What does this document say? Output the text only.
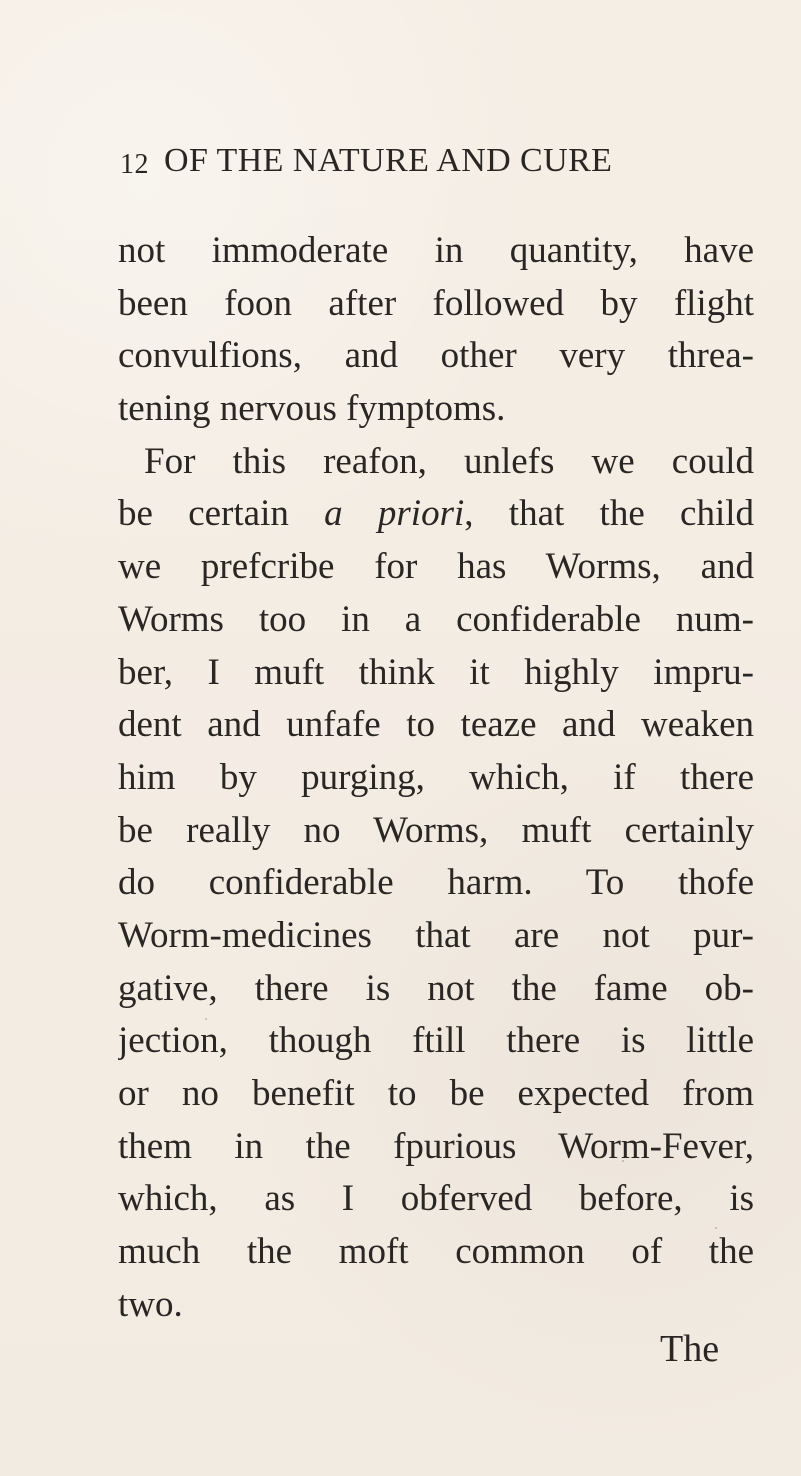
12 OF THE NATURE AND CURE
not immoderate in quantity, have
been foon after followed by flight
convulfions, and other very threa-
tening nervous fymptoms.
For this reafon, unlefs we could
be certain a priori, that the child
we prefcribe for has Worms, and
Worms too in a confiderable num-
ber, I muft think it highly impru-
dent and unfafe to teaze and weaken
him by purging, which, if there
be really no Worms, muft certainly
do confiderable harm. To thofe
Worm-medicines that are not pur-
gative, there is not the fame ob-
jection, though ftill there is little
or no benefit to be expected from
them in the fpurious Worm-Fever,
which, as I obferved before, is
much the moft common of the
two.
The
